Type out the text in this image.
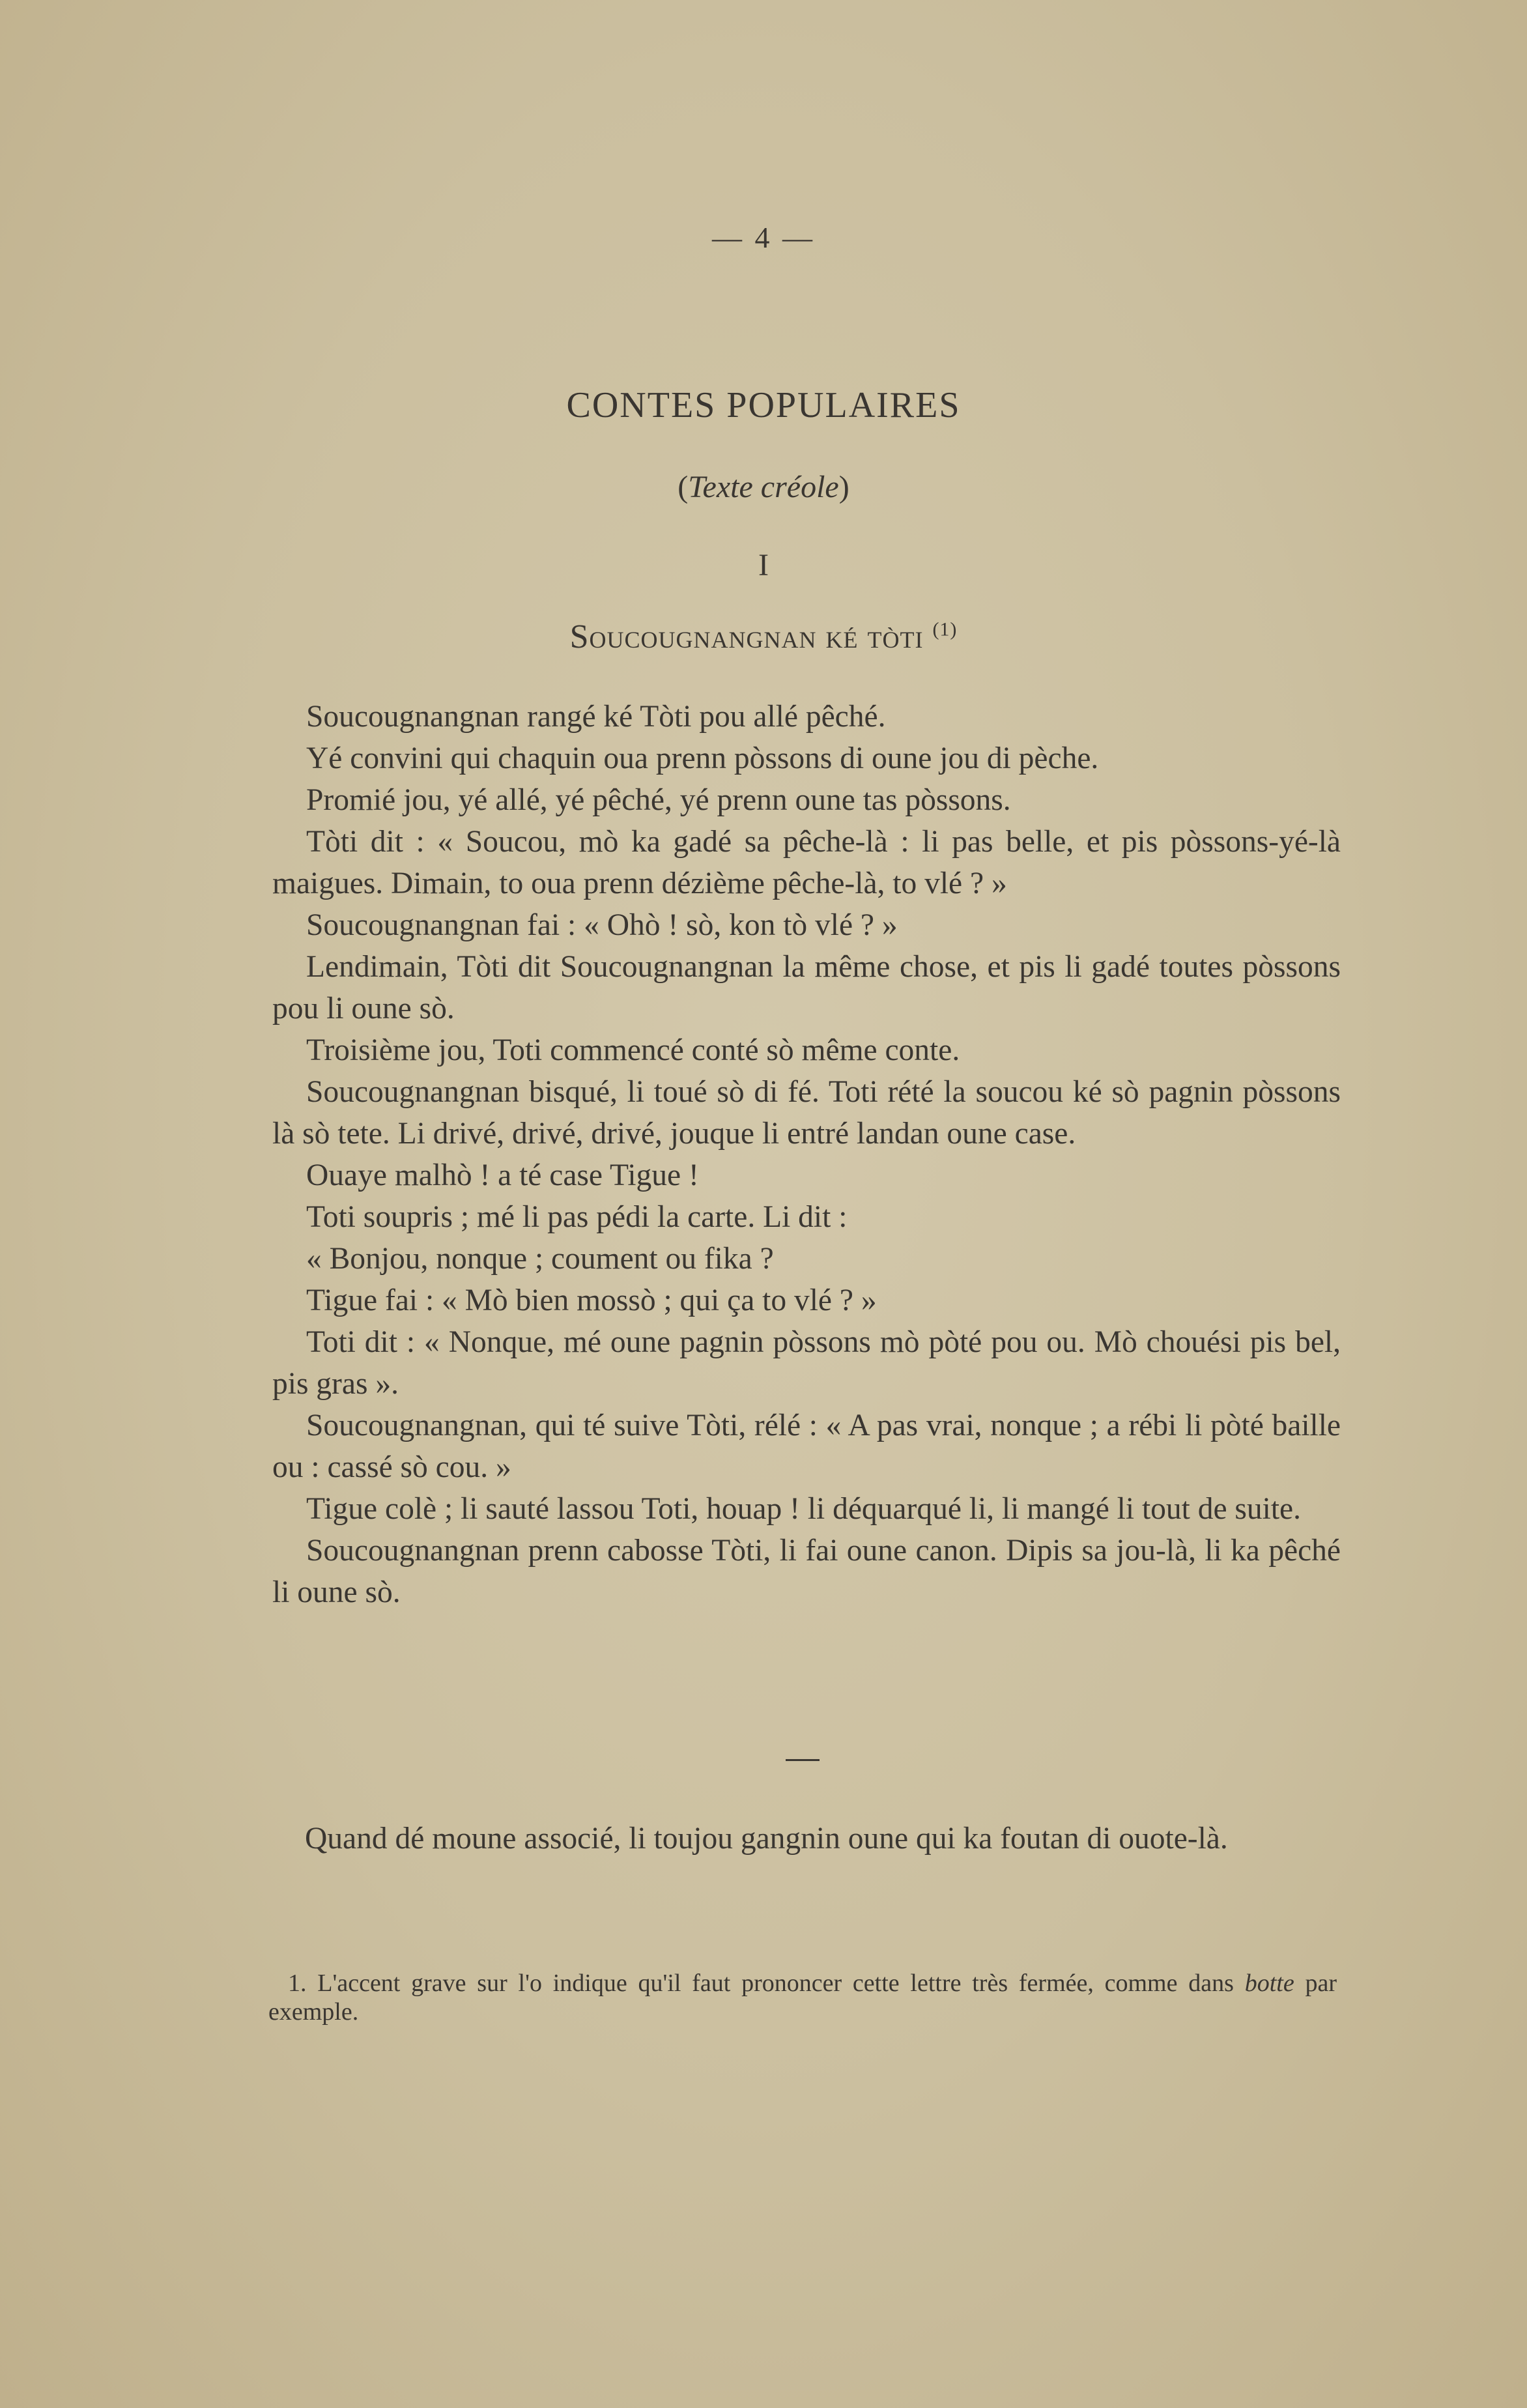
— 4 —
CONTES POPULAIRES
(Texte créole)
I
Soucougnangnan ké tòti $^{(1)}$

Soucougnangnan rangé ké Tòti pou allé pêché.

Yé convini qui chaquin oua prenn pòssons di oune jou di pèche.

Promié jou, yé allé, yé pêché, yé prenn oune tas pòssons.

Tòti dit : « Soucou, mò ka gadé sa pêche-là : li pas belle, et pis pòssons-yé-là maigues. Dimain, to oua prenn dézième pêche-là, to vlé ? »

Soucougnangnan fai : « Ohò ! sò, kon tò vlé ? »

Lendimain, Tòti dit Soucougnangnan la même chose, et pis li gadé toutes pòssons pou li oune sò.

Troisième jou, Toti commencé conté sò même conte.

Soucougnangnan bisqué, li toué sò di fé. Toti rété la soucou ké sò pagnin pòssons là sò tete. Li drivé, drivé, drivé, jouque li entré landan oune case.

Ouaye malhò ! a té case Tigue !

Toti soupris ; mé li pas pédi la carte. Li dit :

« Bonjou, nonque ; coument ou fika ?

Tigue fai : « Mò bien mossò ; qui ça to vlé ? »

Toti dit : « Nonque, mé oune pagnin pòssons mò pòté pou ou. Mò chouési pis bel, pis gras ».

Soucougnangnan, qui té suive Tòti, rélé : « A pas vrai, nonque ; a rébi li pòté baille ou : cassé sò cou. »

Tigue colè ; li sauté lassou Toti, houap ! li déquarqué li, li mangé li tout de suite.

Soucougnangnan prenn cabosse Tòti, li fai oune canon. Dipis sa jou-là, li ka pêché li oune sò.

Quand dé moune associé, li toujou gangnin oune qui ka foutan di ouote-là.

1. L'accent grave sur l'o indique qu'il faut prononcer cette lettre très fermée, comme dans botte par exemple.
